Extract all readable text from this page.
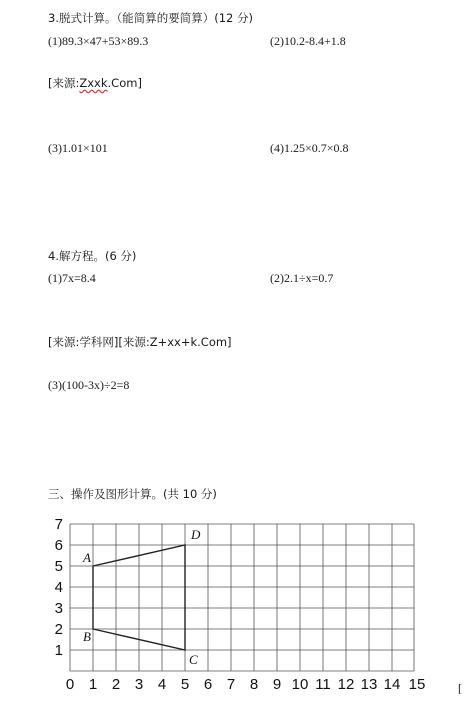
3.脱式计算。（能简算的要简算）(12 分)
(1)89.3×47+53×89.3	(2)10.2-8.4+1.8
[来源:Zxxk.Com]
(3)1.01×101	(4)1.25×0.7×0.8
4.解方程。(6 分)
(1)7x=8.4	(2)2.1÷x=0.7
[来源:学科网][来源:Z+xx+k.Com]
(3)(100-3x)÷2=8
三、操作及图形计算。(共 10 分)
0 1 2 3 4 5 6 7 8 9 10 11 12 13 14 15
1
2
3
4
5
6
7
A
D
C
B
[
